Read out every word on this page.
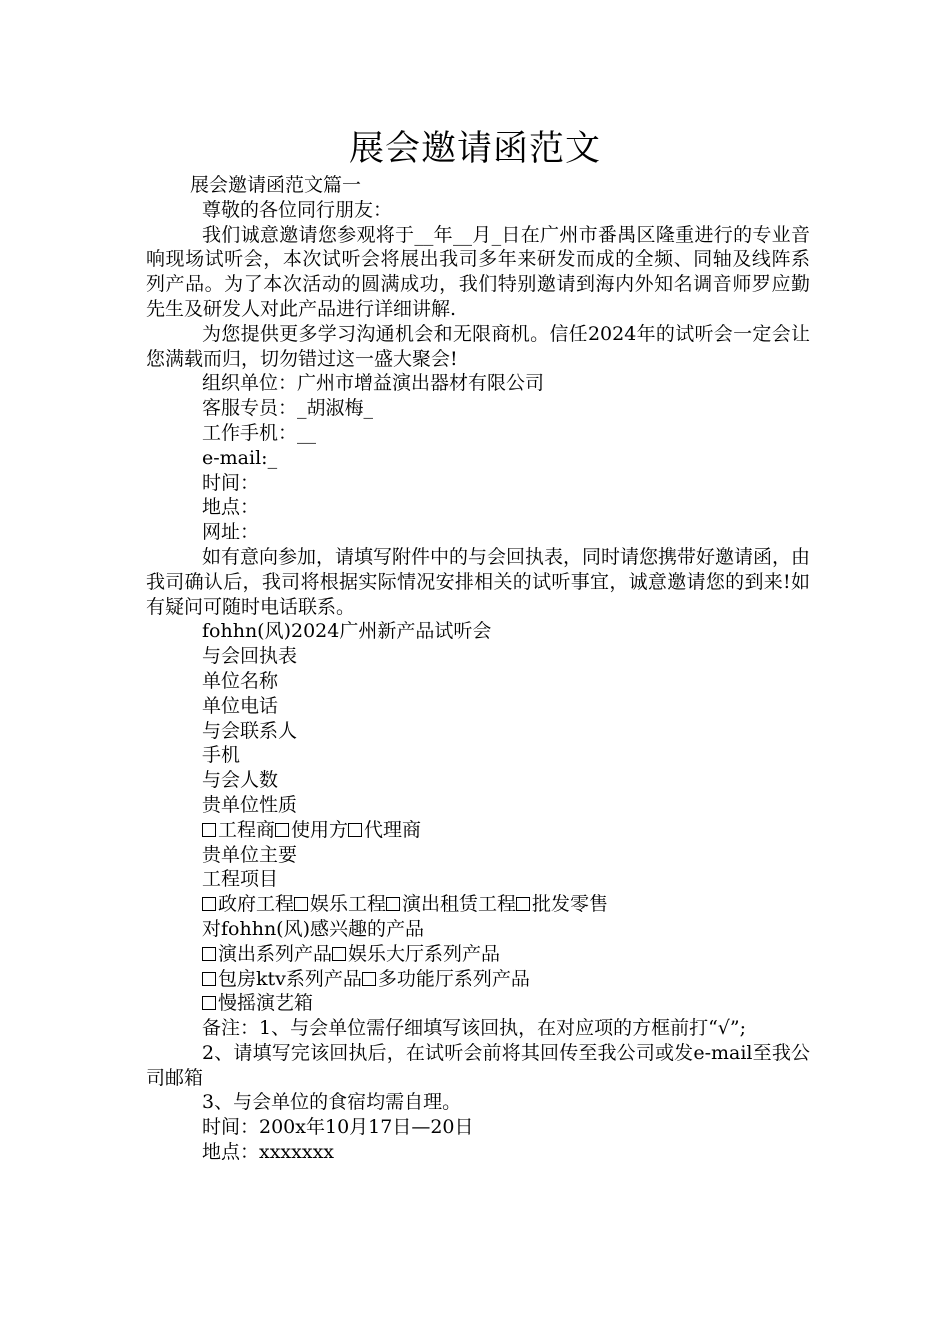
展会邀请函范文

展会邀请函范文篇一

尊敬的各位同行朋友：

我们诚意邀请您参观将于__年__月_日在广州市番禺区隆重进行的专业音响现场试听会，本次试听会将展出我司多年来研发而成的全频、同轴及线阵系列产品。为了本次活动的圆满成功，我们特别邀请到海内外知名调音师罗应勤先生及研发人对此产品进行详细讲解.

为您提供更多学习沟通机会和无限商机。信任2024年的试听会一定会让您满载而归，切勿错过这一盛大聚会!

组织单位：广州市增益演出器材有限公司

客服专员：_胡淑梅_

工作手机：__

e-mail:_

时间：

地点：

网址：

如有意向参加，请填写附件中的与会回执表，同时请您携带好邀请函，由我司确认后，我司将根据实际情况安排相关的试听事宜，诚意邀请您的到来!如有疑问可随时电话联系。

fohhn(风)2024广州新产品试听会

与会回执表

单位名称

单位电话

与会联系人

手机

与会人数

贵单位性质

工程商 使用方 代理商

贵单位主要

工程项目

政府工程 娱乐工程 演出租赁工程 批发零售

对fohhn(风)感兴趣的产品

演出系列产品 娱乐大厅系列产品

包房ktv系列产品 多功能厅系列产品

慢摇演艺箱

备注：1、与会单位需仔细填写该回执，在对应项的方框前打“√”;

2、请填写完该回执后，在试听会前将其回传至我公司或发e-mail至我公司邮箱

3、与会单位的食宿均需自理。

时间：200x年10月17日—20日

地点：xxxxxxx
